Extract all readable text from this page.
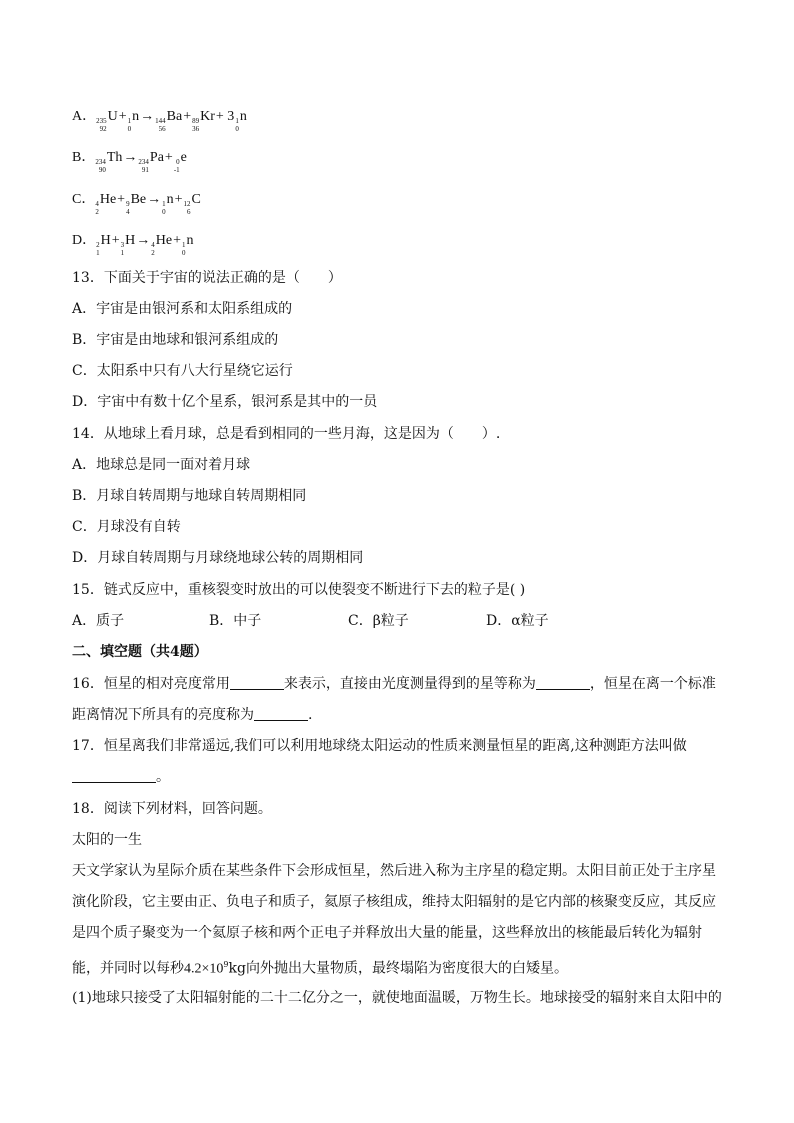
A． 235
92
U+ 1
0
n→ 144
56
Ba+ 89
36
Kr+ 3 1
0
n
B． 234
90
Th→ 234
91
Pa+ 0
-1
e
C． 4
2
He+ 9
4
Be→ 1
0
n+ 12
6
C
D． 2
1
H+ 3
1
H→ 4
2
He+ 1
0
n
13．下面关于宇宙的说法正确的是（　　）
A．宇宙是由银河系和太阳系组成的
B．宇宙是由地球和银河系组成的
C．太阳系中只有八大行星绕它运行
D．宇宙中有数十亿个星系，银河系是其中的一员
14．从地球上看月球，总是看到相同的一些月海，这是因为（　　）.
A．地球总是同一面对着月球
B．月球自转周期与地球自转周期相同
C．月球没有自转
D．月球自转周期与月球绕地球公转的周期相同
15．链式反应中，重核裂变时放出的可以使裂变不断进行下去的粒子是( )
A．质子	B．中子	C．β粒子	D．α粒子
二、填空题（共4题）
16．恒星的相对亮度常用	来表示，直接由光度测量得到的星等称为	，恒星在离一个标准
距离情况下所具有的亮度称为	.
17．恒星离我们非常遥远,我们可以利用地球绕太阳运动的性质来测量恒星的距离,这种测距方法叫做
。
18．阅读下列材料，回答问题。
太阳的一生
天文学家认为星际介质在某些条件下会形成恒星，然后进入称为主序星的稳定期。太阳目前正处于主序星
演化阶段，它主要由正、负电子和质子，氦原子核组成，维持太阳辐射的是它内部的核聚变反应，其反应
是四个质子聚变为一个氦原子核和两个正电子并释放出大量的能量，这些释放出的核能最后转化为辐射
能，并同时以每秒$4.2\times 10^9kg$向外抛出大量物质，最终塌陷为密度很大的白矮星。
(1)地球只接受了太阳辐射能的二十二亿分之一，就使地面温暖，万物生长。地球接受的辐射来自太阳中的
